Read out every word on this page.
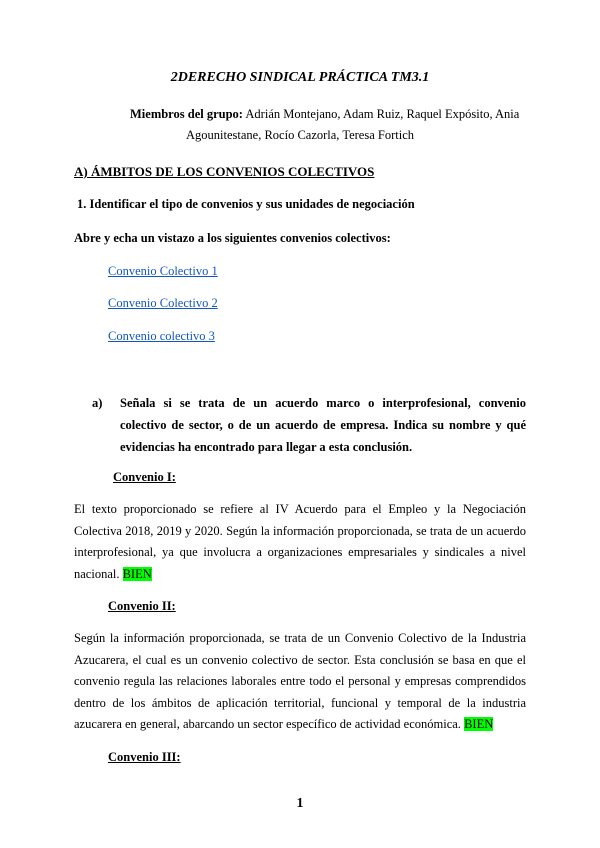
2DERECHO SINDICAL PRÁCTICA TM3.1
Miembros del grupo: Adrián Montejano, Adam Ruiz, Raquel Expósito, Ania
Agounitestane, Rocío Cazorla, Teresa Fortich
A) ÁMBITOS DE LOS CONVENIOS COLECTIVOS
1. Identificar el tipo de convenios y sus unidades de negociación
Abre y echa un vistazo a los siguientes convenios colectivos:
Convenio Colectivo 1
Convenio Colectivo 2
Convenio colectivo 3
a)	Señala si se trata de un acuerdo marco o interprofesional, convenio colectivo de sector, o de un acuerdo de empresa. Indica su nombre y qué evidencias ha encontrado para llegar a esta conclusión.
Convenio I:
El texto proporcionado se refiere al IV Acuerdo para el Empleo y la Negociación Colectiva 2018, 2019 y 2020. Según la información proporcionada, se trata de un acuerdo interprofesional, ya que involucra a organizaciones empresariales y sindicales a nivel nacional. BIEN
Convenio II:
Según la información proporcionada, se trata de un Convenio Colectivo de la Industria Azucarera, el cual es un convenio colectivo de sector. Esta conclusión se basa en que el convenio regula las relaciones laborales entre todo el personal y empresas comprendidos dentro de los ámbitos de aplicación territorial, funcional y temporal de la industria azucarera en general, abarcando un sector específico de actividad económica. BIEN
Convenio III:
1
